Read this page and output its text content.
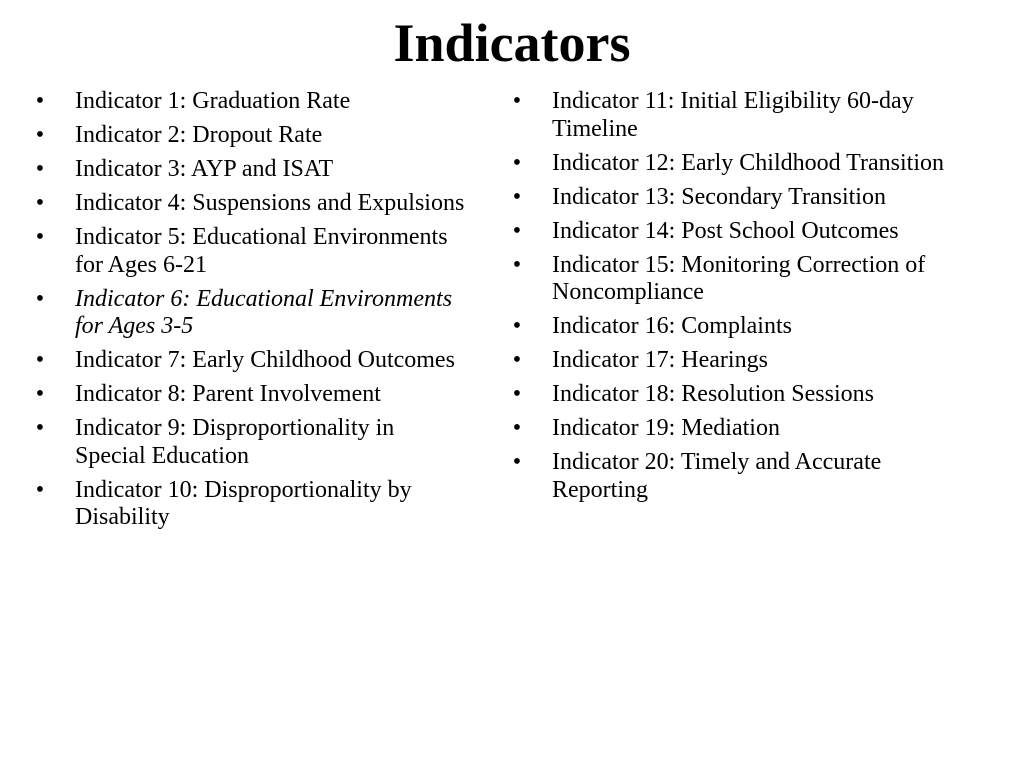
Indicators
• Indicator 1: Graduation Rate
• Indicator 2: Dropout Rate
• Indicator 3: AYP and ISAT
• Indicator 4: Suspensions and Expulsions
• Indicator 5: Educational Environments for Ages 6-21
• Indicator 6: Educational Environments for Ages 3-5
• Indicator 7: Early Childhood Outcomes
• Indicator 8: Parent Involvement
• Indicator 9: Disproportionality in Special Education
• Indicator 10: Disproportionality by Disability
• Indicator 11: Initial Eligibility 60-day Timeline
• Indicator 12: Early Childhood Transition
• Indicator 13: Secondary Transition
• Indicator 14: Post School Outcomes
• Indicator 15: Monitoring Correction of Noncompliance
• Indicator 16: Complaints
• Indicator 17: Hearings
• Indicator 18: Resolution Sessions
• Indicator 19: Mediation
• Indicator 20: Timely and Accurate Reporting
